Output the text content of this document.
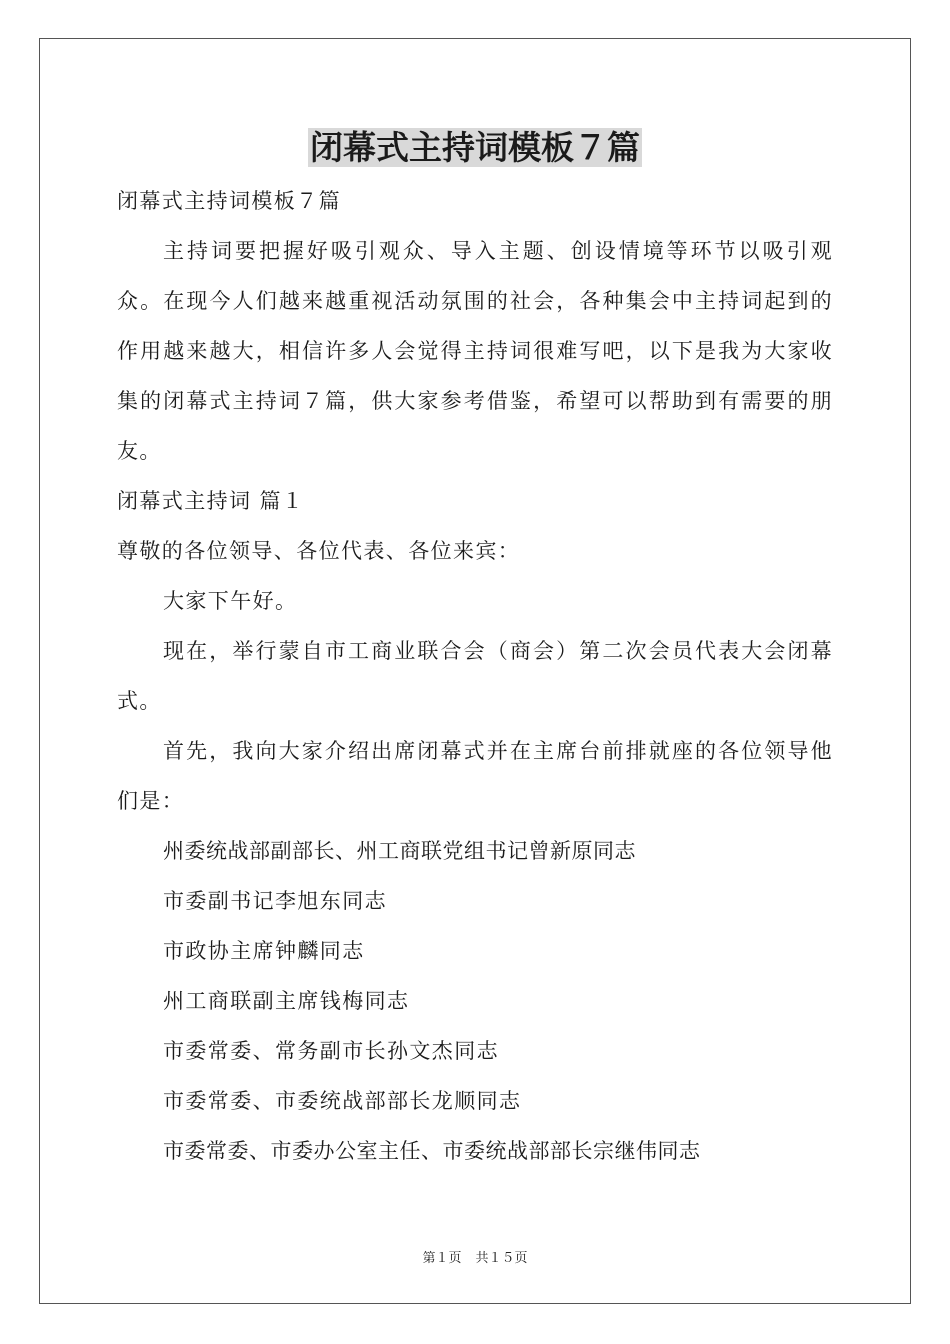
闭幕式主持词模板７篇

闭幕式主持词模板７篇

主持词要把握好吸引观众、导入主题、创设情境等环节以吸引观众。在现今人们越来越重视活动氛围的社会，各种集会中主持词起到的作用越来越大，相信许多人会觉得主持词很难写吧，以下是我为大家收集的闭幕式主持词７篇，供大家参考借鉴，希望可以帮助到有需要的朋友。

闭幕式主持词 篇１

尊敬的各位领导、各位代表、各位来宾：

大家下午好。

现在，举行蒙自市工商业联合会（商会）第二次会员代表大会闭幕式。

首先，我向大家介绍出席闭幕式并在主席台前排就座的各位领导他们是：

州委统战部副部长、州工商联党组书记曾新原同志

市委副书记李旭东同志

市政协主席钟麟同志

州工商联副主席钱梅同志

市委常委、常务副市长孙文杰同志

市委常委、市委统战部部长龙顺同志

市委常委、市委办公室主任、市委统战部部长宗继伟同志

第１页 共１５页
